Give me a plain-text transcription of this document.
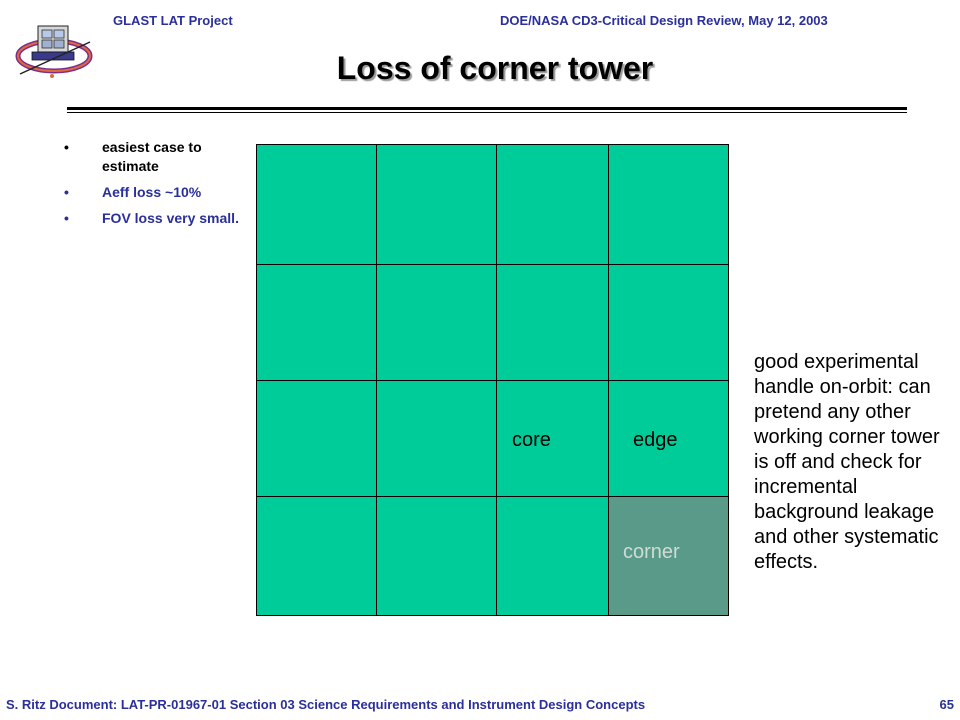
GLAST LAT Project	DOE/NASA CD3-Critical Design Review, May 12, 2003
Loss of corner tower
• easiest case to estimate
• Aeff loss ~10%
• FOV loss very small.
core	edge
corner
good experimental handle on-orbit: can pretend any other working corner tower is off and check for incremental background leakage and other systematic effects.
S. Ritz Document: LAT-PR-01967-01 Section 03 Science Requirements and Instrument Design Concepts	65
